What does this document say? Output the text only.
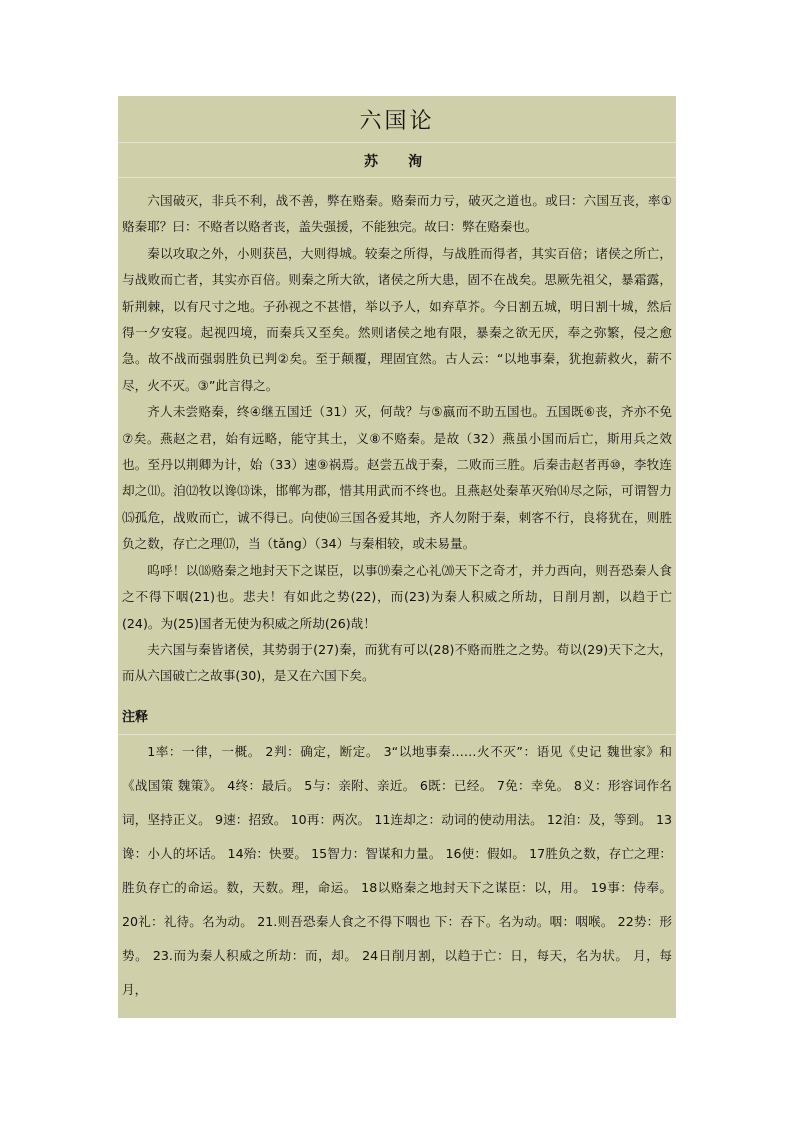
六国论
苏　洵

六国破灭，非兵不利，战不善，弊在赂秦。赂秦而力亏，破灭之道也。或曰：六国互丧，率①赂秦耶？曰：不赂者以赂者丧，盖失强援，不能独完。故曰：弊在赂秦也。

秦以攻取之外，小则获邑，大则得城。较秦之所得，与战胜而得者，其实百倍；诸侯之所亡，与战败而亡者，其实亦百倍。则秦之所大欲，诸侯之所大患，固不在战矣。思厥先祖父，暴霜露，斩荆棘，以有尺寸之地。子孙视之不甚惜，举以予人，如弃草芥。今日割五城，明日割十城，然后得一夕安寝。起视四境，而秦兵又至矣。然则诸侯之地有限，暴秦之欲无厌，奉之弥繁，侵之愈急。故不战而强弱胜负已判②矣。至于颠覆，理固宜然。古人云：“以地事秦，犹抱薪救火，薪不尽，火不灭。③”此言得之。

齐人未尝赂秦，终④继五国迁（31）灭，何哉？与⑤嬴而不助五国也。五国既⑥丧，齐亦不免⑦矣。燕赵之君，始有远略，能守其土，义⑧不赂秦。是故（32）燕虽小国而后亡，斯用兵之效也。至丹以荆卿为计，始（33）速⑨祸焉。赵尝五战于秦，二败而三胜。后秦击赵者再⑩，李牧连却之⑾。洎⑿牧以谗⒀诛，邯郸为郡，惜其用武而不终也。且燕赵处秦革灭殆⒁尽之际，可谓智力⒂孤危，战败而亡，诚不得已。向使⒃三国各爱其地，齐人勿附于秦，刺客不行，良将犹在，则胜负之数，存亡之理⒄，当（tǎng）（34）与秦相较，或未易量。

呜呼！以⒅赂秦之地封天下之谋臣，以事⒆秦之心礼⒇天下之奇才，并力西向，则吾恐秦人食之不得下咽(21)也。悲夫！有如此之势(22)，而(23)为秦人积威之所劫，日削月割，以趋于亡(24)。为(25)国者无使为积威之所劫(26)哉！

夫六国与秦皆诸侯，其势弱于(27)秦，而犹有可以(28)不赂而胜之之势。苟以(29)天下之大，而从六国破亡之故事(30)，是又在六国下矣。

注释
1率：一律，一概。 2判：确定，断定。 3“以地事秦……火不灭”：语见《史记 魏世家》和《战国策 魏策》。 4终：最后。 5与：亲附、亲近。 6既：已经。 7免：幸免。 8义：形容词作名词，坚持正义。 9速：招致。 10再：两次。 11连却之：动词的使动用法。 12洎：及，等到。 13谗：小人的坏话。 14殆：快要。 15智力：智谋和力量。 16使：假如。 17胜负之数，存亡之理：胜负存亡的命运。数，天数。理，命运。 18以赂秦之地封天下之谋臣：以，用。 19事：侍奉。 20礼：礼待。名为动。 21.则吾恐秦人食之不得下咽也 下：吞下。名为动。咽：咽喉。 22势：形势。 23.而为秦人积威之所劫：而，却。 24日削月割，以趋于亡：日，每天，名为状。 月，每月，
